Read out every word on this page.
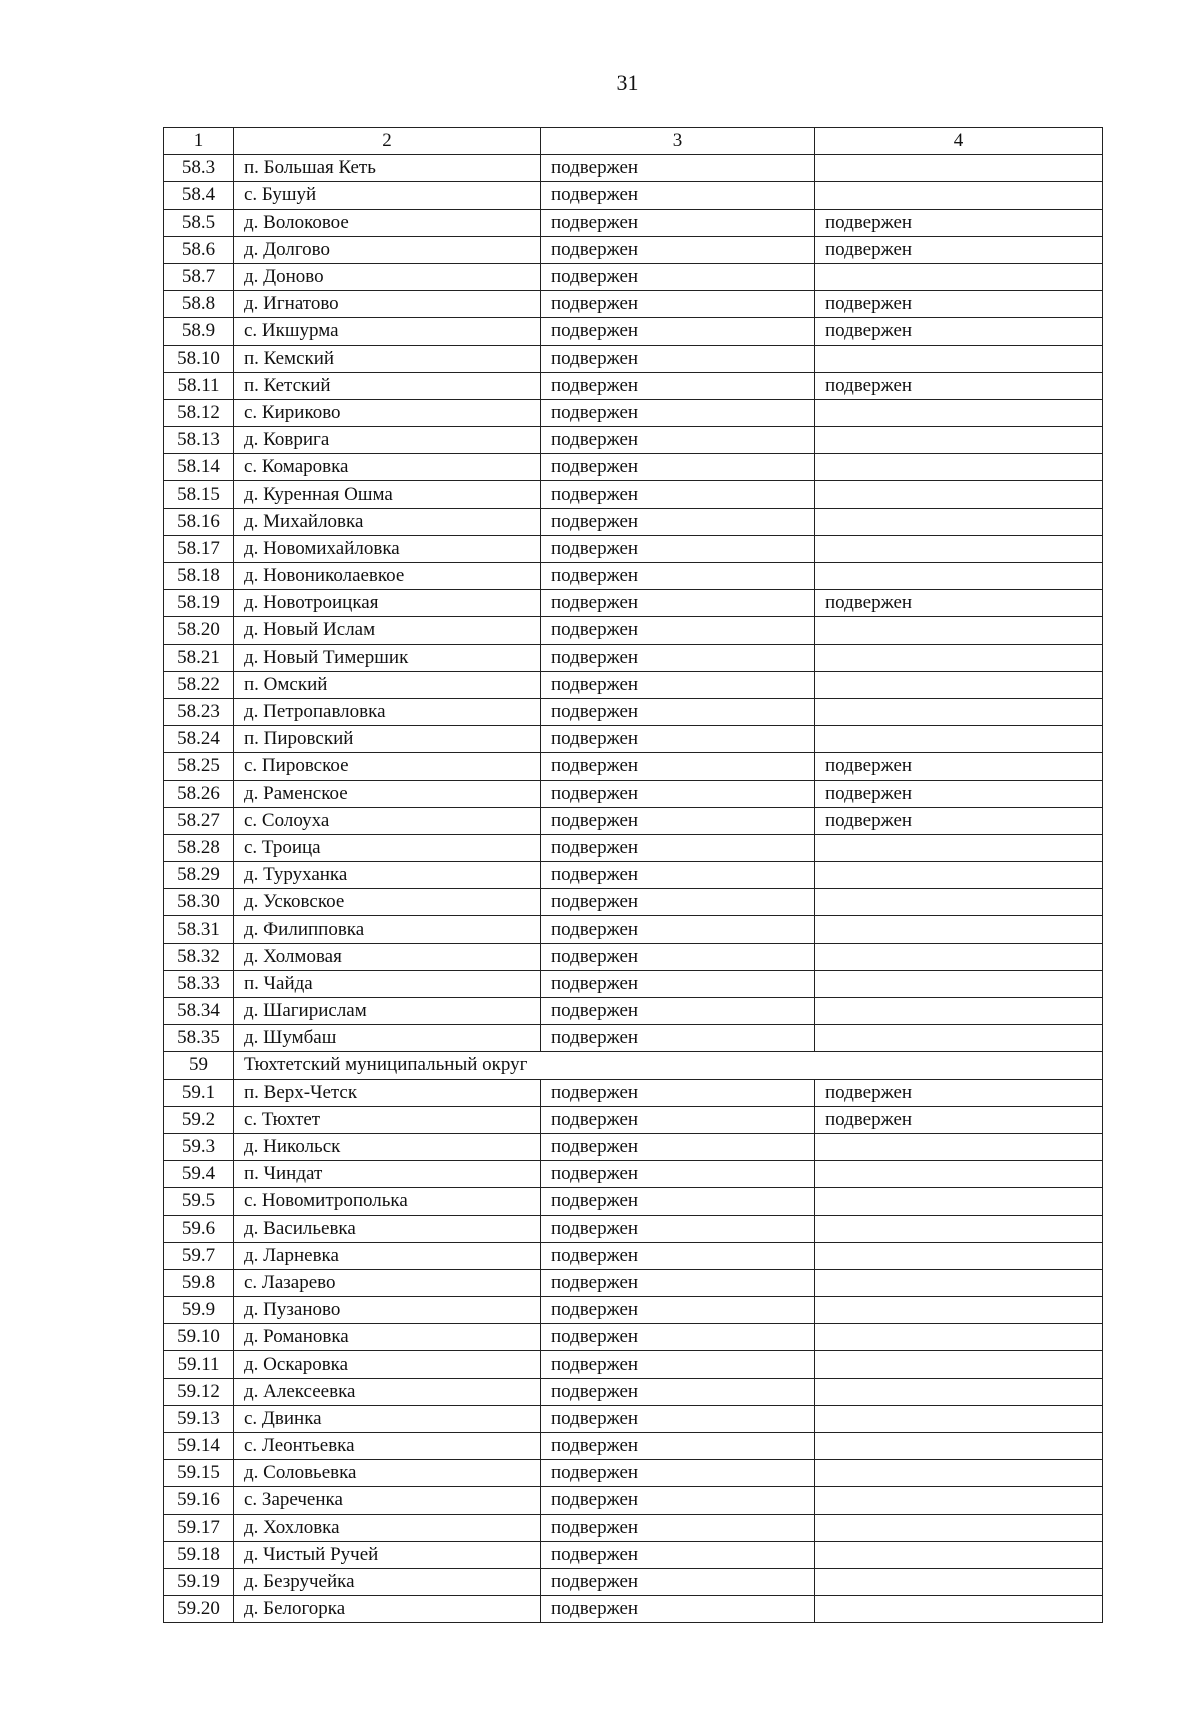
31
1	2	3	4
58.3	п. Большая Кеть	подвержен	
58.4	с. Бушуй	подвержен	
58.5	д. Волоковое	подвержен	подвержен
58.6	д. Долгово	подвержен	подвержен
58.7	д. Доново	подвержен	
58.8	д. Игнатово	подвержен	подвержен
58.9	с. Икшурма	подвержен	подвержен
58.10	п. Кемский	подвержен	
58.11	п. Кетский	подвержен	подвержен
58.12	с. Кириково	подвержен	
58.13	д. Коврига	подвержен	
58.14	с. Комаровка	подвержен	
58.15	д. Куренная Ошма	подвержен	
58.16	д. Михайловка	подвержен	
58.17	д. Новомихайловка	подвержен	
58.18	д. Новониколаевкое	подвержен	
58.19	д. Новотроицкая	подвержен	подвержен
58.20	д. Новый Ислам	подвержен	
58.21	д. Новый Тимершик	подвержен	
58.22	п. Омский	подвержен	
58.23	д. Петропавловка	подвержен	
58.24	п. Пировский	подвержен	
58.25	с. Пировское	подвержен	подвержен
58.26	д. Раменское	подвержен	подвержен
58.27	с. Солоуха	подвержен	подвержен
58.28	с. Троица	подвержен	
58.29	д. Туруханка	подвержен	
58.30	д. Усковское	подвержен	
58.31	д. Филипповка	подвержен	
58.32	д. Холмовая	подвержен	
58.33	п. Чайда	подвержен	
58.34	д. Шагирислам	подвержен	
58.35	д. Шумбаш	подвержен	
59	Тюхтетский муниципальный округ		
59.1	п. Верх-Четск	подвержен	подвержен
59.2	с. Тюхтет	подвержен	подвержен
59.3	д. Никольск	подвержен	
59.4	п. Чиндат	подвержен	
59.5	с. Новомитрополька	подвержен	
59.6	д. Васильевка	подвержен	
59.7	д. Ларневка	подвержен	
59.8	с. Лазарево	подвержен	
59.9	д. Пузаново	подвержен	
59.10	д. Романовка	подвержен	
59.11	д. Оскаровка	подвержен	
59.12	д. Алексеевка	подвержен	
59.13	с. Двинка	подвержен	
59.14	с. Леонтьевка	подвержен	
59.15	д. Соловьевка	подвержен	
59.16	с. Зареченка	подвержен	
59.17	д. Хохловка	подвержен	
59.18	д. Чистый Ручей	подвержен	
59.19	д. Безручейка	подвержен	
59.20	д. Белогорка	подвержен	
